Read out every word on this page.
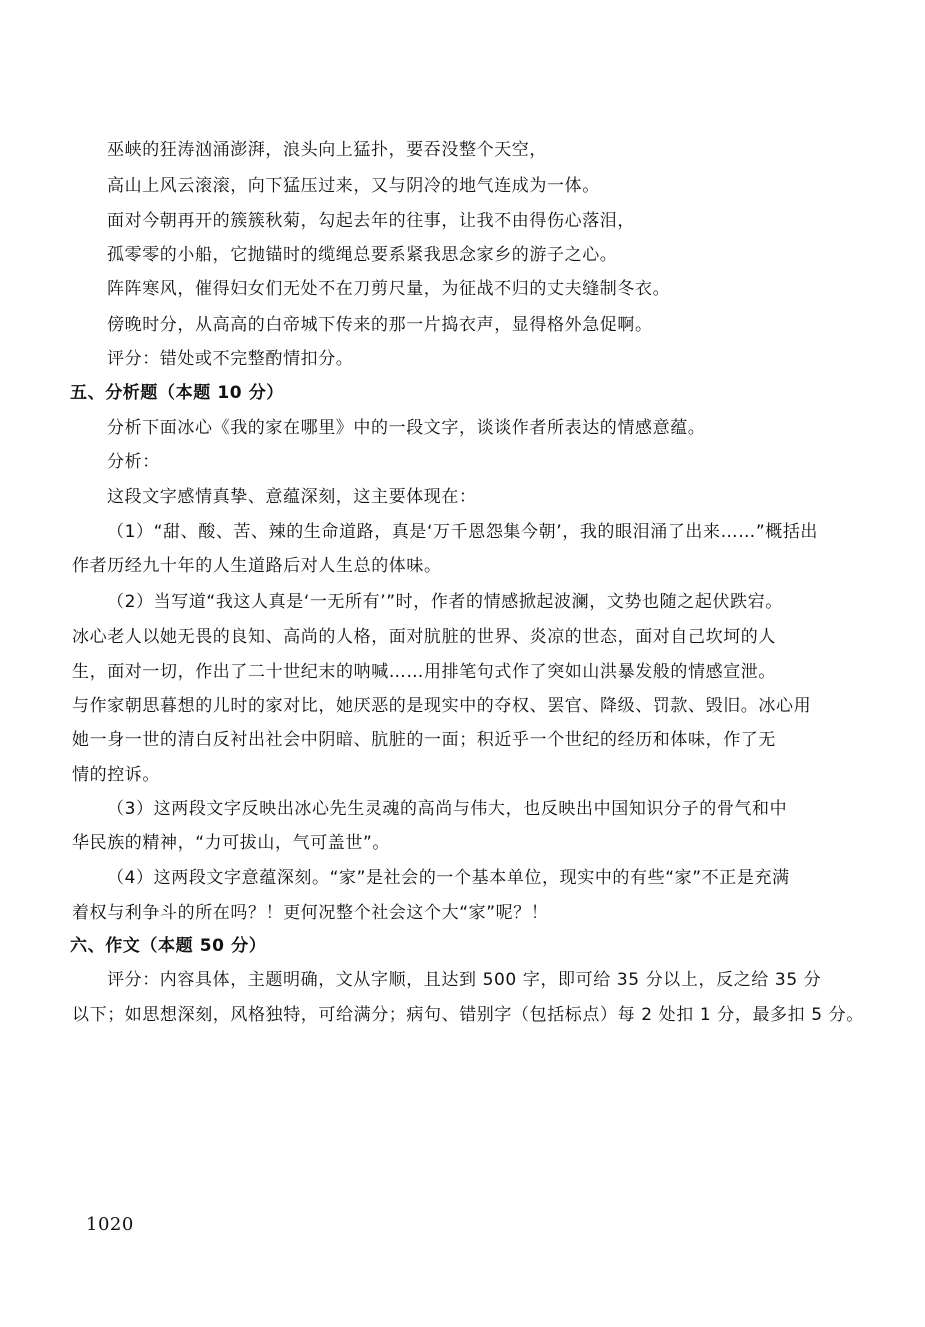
巫峡的狂涛汹涌澎湃，浪头向上猛扑，要吞没整个天空，
高山上风云滚滚，向下猛压过来，又与阴冷的地气连成为一体。
面对今朝再开的簇簇秋菊，勾起去年的往事，让我不由得伤心落泪，
孤零零的小船，它抛锚时的缆绳总要系紧我思念家乡的游子之心。
阵阵寒风，催得妇女们无处不在刀剪尺量，为征战不归的丈夫缝制冬衣。
傍晚时分，从高高的白帝城下传来的那一片捣衣声，显得格外急促啊。
评分：错处或不完整酌情扣分。
五、分析题（本题 10 分）
分析下面冰心《我的家在哪里》中的一段文字，谈谈作者所表达的情感意蕴。
分析：
这段文字感情真挚、意蕴深刻，这主要体现在：
（1）“甜、酸、苦、辣的生命道路，真是‘万千恩怨集今朝’，我的眼泪涌了出来……”概括出
作者历经九十年的人生道路后对人生总的体味。
（2）当写道“我这人真是‘一无所有’”时，作者的情感掀起波澜，文势也随之起伏跌宕。
冰心老人以她无畏的良知、高尚的人格，面对肮脏的世界、炎凉的世态，面对自己坎坷的人
生，面对一切，作出了二十世纪末的呐喊……用排笔句式作了突如山洪暴发般的情感宣泄。
与作家朝思暮想的儿时的家对比，她厌恶的是现实中的夺权、罢官、降级、罚款、毁旧。冰心用
她一身一世的清白反衬出社会中阴暗、肮脏的一面；积近乎一个世纪的经历和体味，作了无
情的控诉。
（3）这两段文字反映出冰心先生灵魂的高尚与伟大，也反映出中国知识分子的骨气和中
华民族的精神，“力可拔山，气可盖世”。
（4）这两段文字意蕴深刻。“家”是社会的一个基本单位，现实中的有些“家”不正是充满
着权与利争斗的所在吗？！更何况整个社会这个大“家”呢？！
六、作文（本题 50 分）
评分：内容具体，主题明确，文从字顺，且达到 500 字，即可给 35 分以上，反之给 35 分
以下；如思想深刻，风格独特，可给满分；病句、错别字（包括标点）每 2 处扣 1 分，最多扣 5 分。
1020
